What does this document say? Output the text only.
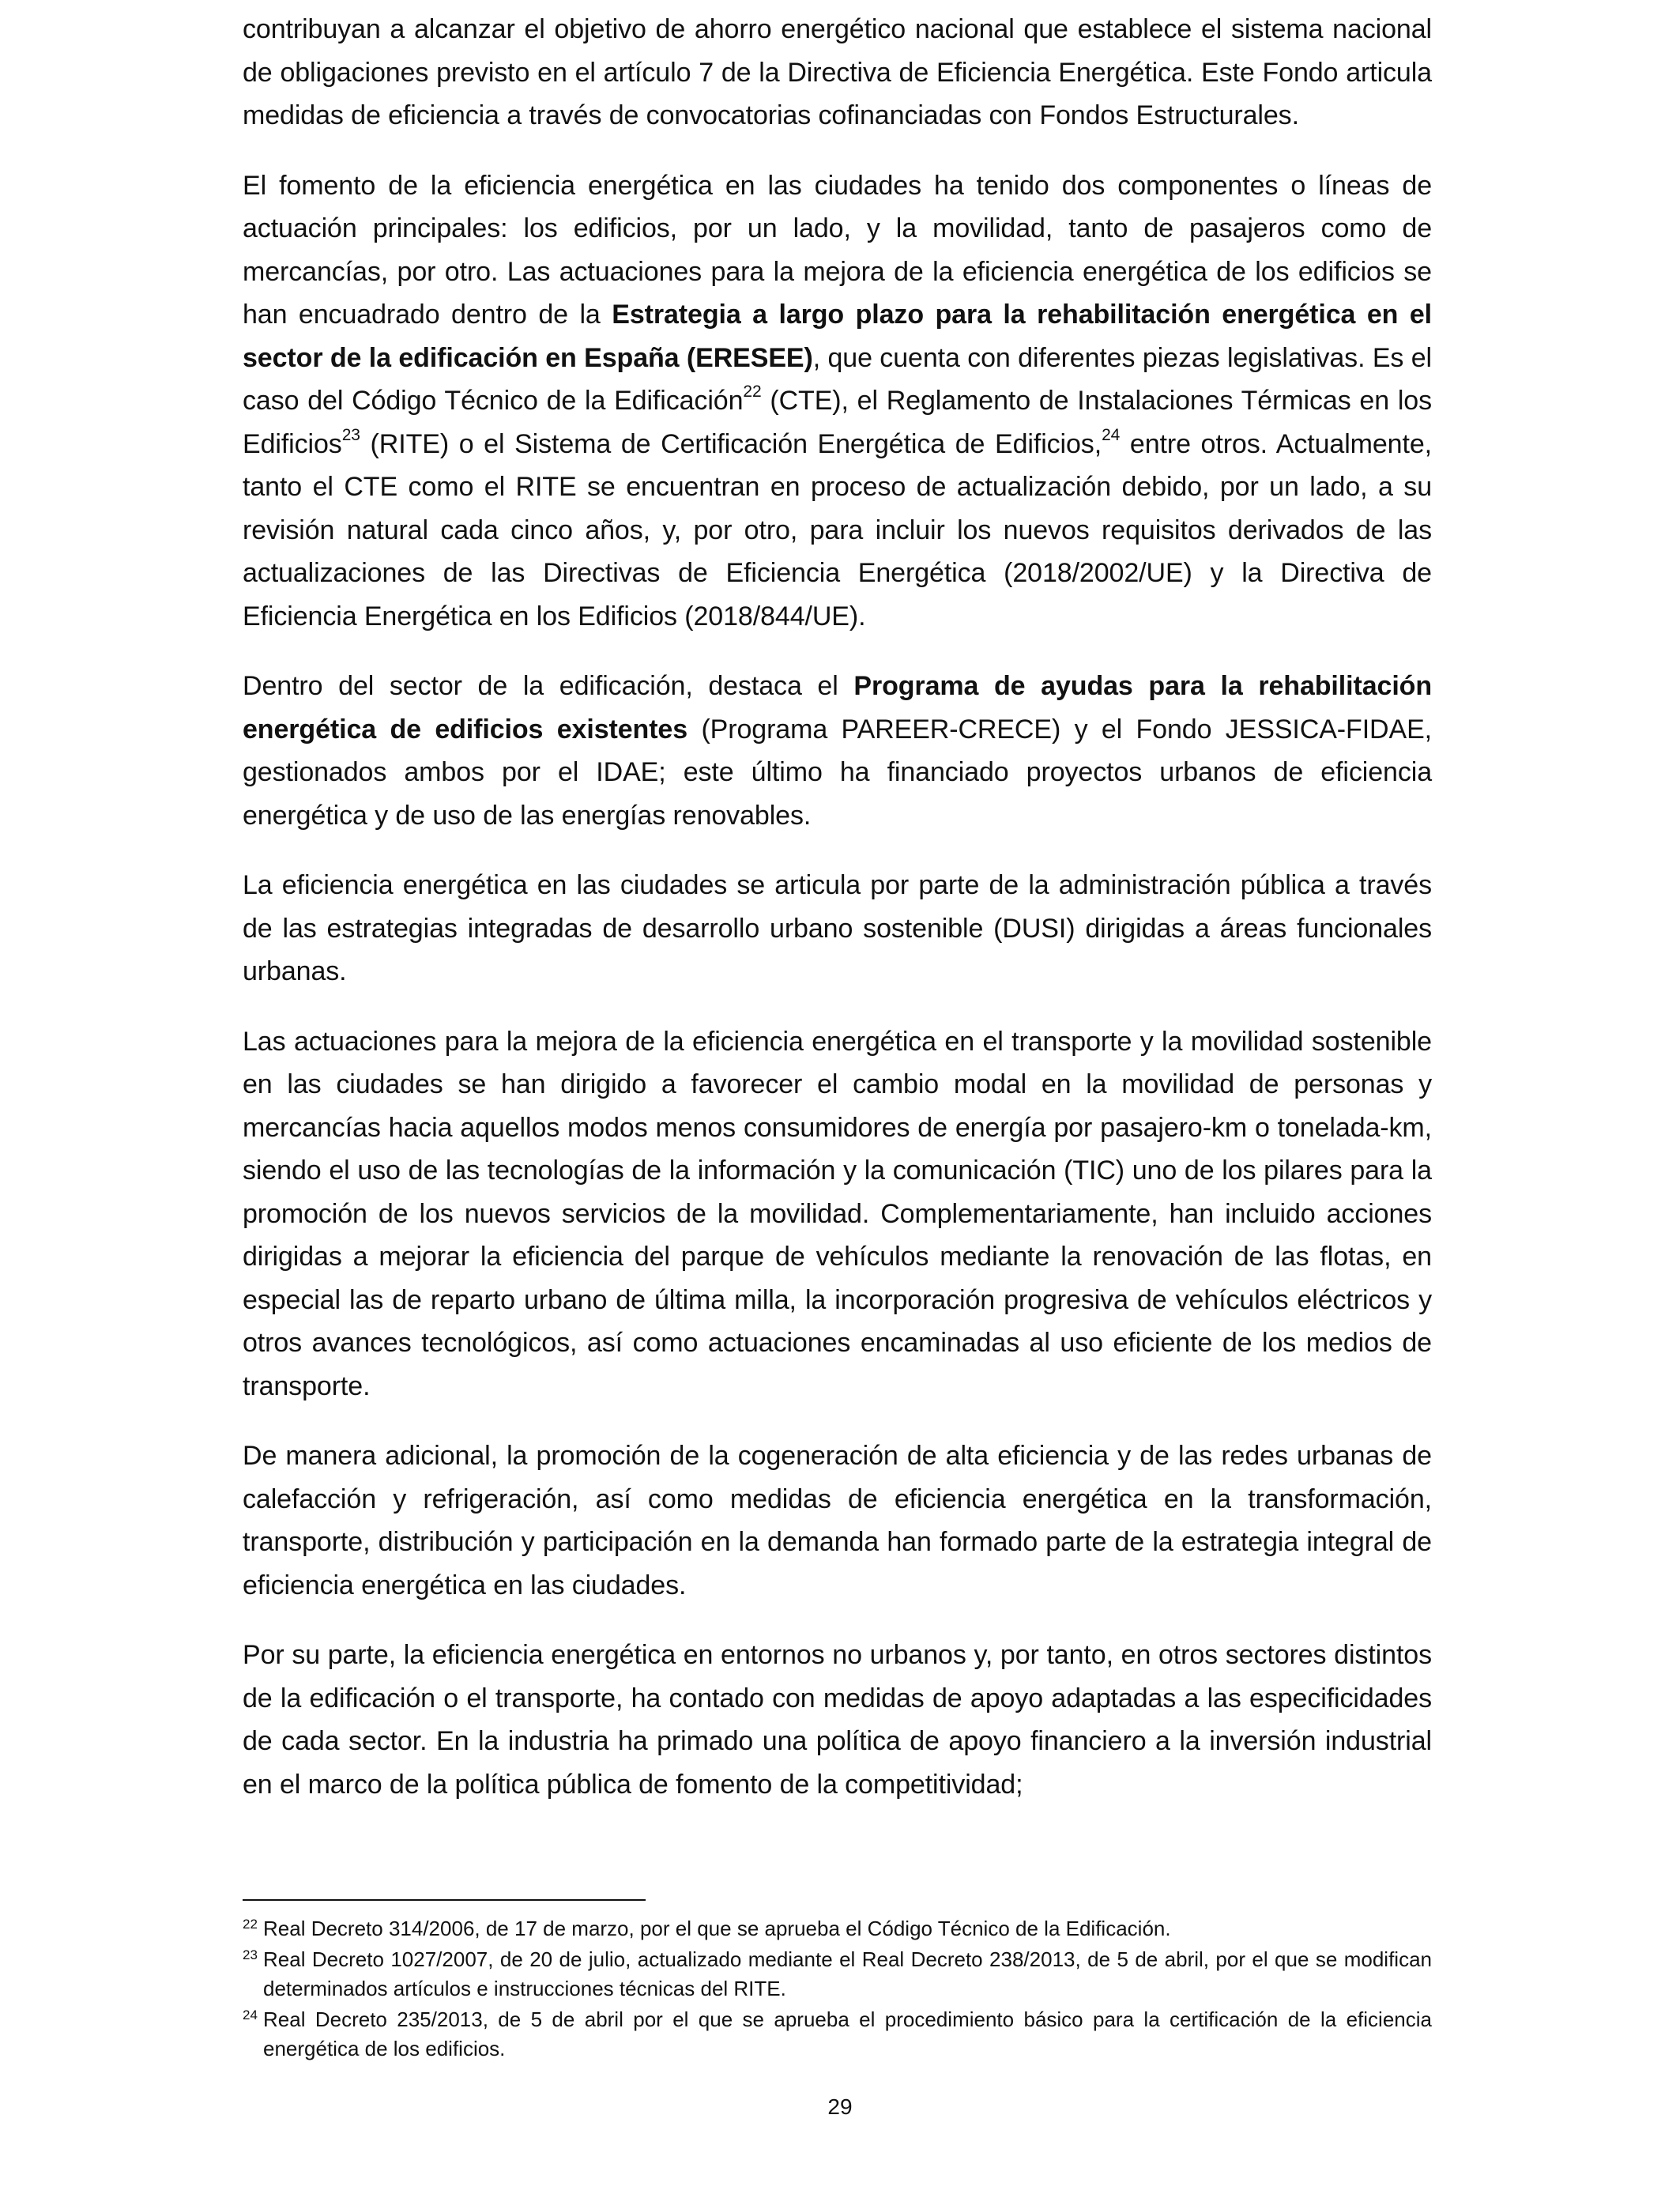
contribuyan a alcanzar el objetivo de ahorro energético nacional que establece el sistema nacional de obligaciones previsto en el artículo 7 de la Directiva de Eficiencia Energética. Este Fondo articula medidas de eficiencia a través de convocatorias cofinanciadas con Fondos Estructurales.

El fomento de la eficiencia energética en las ciudades ha tenido dos componentes o líneas de actuación principales: los edificios, por un lado, y la movilidad, tanto de pasajeros como de mercancías, por otro. Las actuaciones para la mejora de la eficiencia energética de los edificios se han encuadrado dentro de la Estrategia a largo plazo para la rehabilitación energética en el sector de la edificación en España (ERESEE), que cuenta con diferentes piezas legislativas. Es el caso del Código Técnico de la Edificación$^{22}$ (CTE), el Reglamento de Instalaciones Térmicas en los Edificios$^{23}$ (RITE) o el Sistema de Certificación Energética de Edificios,$^{24}$ entre otros. Actualmente, tanto el CTE como el RITE se encuentran en proceso de actualización debido, por un lado, a su revisión natural cada cinco años, y, por otro, para incluir los nuevos requisitos derivados de las actualizaciones de las Directivas de Eficiencia Energética (2018/2002/UE) y la Directiva de Eficiencia Energética en los Edificios (2018/844/UE).

Dentro del sector de la edificación, destaca el Programa de ayudas para la rehabilitación energética de edificios existentes (Programa PAREER-CRECE) y el Fondo JESSICA-FIDAE, gestionados ambos por el IDAE; este último ha financiado proyectos urbanos de eficiencia energética y de uso de las energías renovables.

La eficiencia energética en las ciudades se articula por parte de la administración pública a través de las estrategias integradas de desarrollo urbano sostenible (DUSI) dirigidas a áreas funcionales urbanas.

Las actuaciones para la mejora de la eficiencia energética en el transporte y la movilidad sostenible en las ciudades se han dirigido a favorecer el cambio modal en la movilidad de personas y mercancías hacia aquellos modos menos consumidores de energía por pasajero-km o tonelada-km, siendo el uso de las tecnologías de la información y la comunicación (TIC) uno de los pilares para la promoción de los nuevos servicios de la movilidad. Complementariamente, han incluido acciones dirigidas a mejorar la eficiencia del parque de vehículos mediante la renovación de las flotas, en especial las de reparto urbano de última milla, la incorporación progresiva de vehículos eléctricos y otros avances tecnológicos, así como actuaciones encaminadas al uso eficiente de los medios de transporte.

De manera adicional, la promoción de la cogeneración de alta eficiencia y de las redes urbanas de calefacción y refrigeración, así como medidas de eficiencia energética en la transformación, transporte, distribución y participación en la demanda han formado parte de la estrategia integral de eficiencia energética en las ciudades.

Por su parte, la eficiencia energética en entornos no urbanos y, por tanto, en otros sectores distintos de la edificación o el transporte, ha contado con medidas de apoyo adaptadas a las especificidades de cada sector. En la industria ha primado una política de apoyo financiero a la inversión industrial en el marco de la política pública de fomento de la competitividad;

22 Real Decreto 314/2006, de 17 de marzo, por el que se aprueba el Código Técnico de la Edificación.
23 Real Decreto 1027/2007, de 20 de julio, actualizado mediante el Real Decreto 238/2013, de 5 de abril, por el que se modifican determinados artículos e instrucciones técnicas del RITE.
24 Real Decreto 235/2013, de 5 de abril por el que se aprueba el procedimiento básico para la certificación de la eficiencia energética de los edificios.
29
